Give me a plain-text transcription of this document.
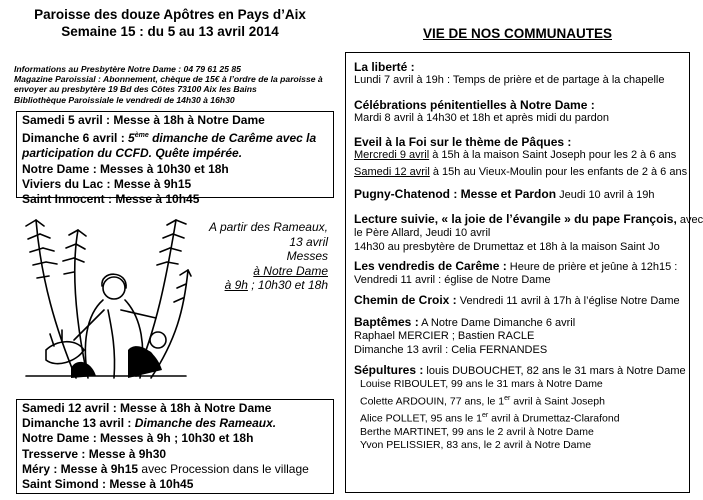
Paroisse des douze Apôtres en Pays d’Aix
Semaine 15 : du 5 au 13 avril 2014
Informations au Presbytère Notre Dame : 04 79 61 25 85
Magazine Paroissial : Abonnement, chèque de 15€ à l’ordre de la paroisse à
envoyer au presbytère 19 Bd des Côtes 73100 Aix les Bains
Bibliothèque Paroissiale le vendredi de 14h30 à 16h30
Samedi 5 avril : Messe à 18h à Notre Dame
Dimanche 6 avril : 5ème dimanche de Carême avec la
participation du CCFD. Quête impérée.
Notre Dame : Messes à 10h30 et 18h
Viviers du Lac : Messe à 9h15
Saint Innocent : Messe à 10h45
A partir des Rameaux,
13 avril
Messes
à Notre Dame
à 9h ; 10h30 et 18h
Samedi 12 avril : Messe à 18h à Notre Dame
Dimanche 13 avril : Dimanche des Rameaux.
Notre Dame : Messes à 9h ; 10h30 et 18h
Tresserve : Messe à 9h30
Méry : Messe à 9h15 avec Procession dans le village
Saint Simond : Messe à 10h45
VIE DE NOS COMMUNAUTES
La liberté :
Lundi 7 avril à 19h : Temps de prière et de partage à la chapelle
Célébrations pénitentielles à Notre Dame :
Mardi 8 avril à 14h30 et 18h et après midi du pardon
Eveil à la Foi sur le thème de Pâques :
Mercredi 9 avril à 15h à la maison Saint Joseph pour les 2 à 6 ans
Samedi 12 avril à 15h au Vieux-Moulin pour les enfants de 2 à 6 ans
Pugny-Chatenod : Messe et Pardon Jeudi 10 avril à 19h
Lecture suivie, « la joie de l’évangile » du pape François, avec
le Père Allard, Jeudi 10 avril
14h30 au presbytère de Drumettaz et 18h à la maison Saint Jo
Les vendredis de Carême : Heure de prière et jeûne à 12h15 :
Vendredi 11 avril : église de Notre Dame
Chemin de Croix : Vendredi 11 avril à 17h à l’église Notre Dame
Baptêmes : A Notre Dame Dimanche 6 avril
Raphael MERCIER ; Bastien RACLE
Dimanche 13 avril : Celia FERNANDES
Sépultures : louis DUBOUCHET, 82 ans le 31 mars à Notre Dame
Louise RIBOULET, 99 ans le 31 mars à Notre Dame
Colette ARDOUIN, 77 ans, le 1er avril à Saint Joseph
Alice POLLET, 95 ans le 1er avril à Drumettaz-Clarafond
Berthe MARTINET, 99 ans le 2 avril à Notre Dame
Yvon PELISSIER, 83 ans, le 2 avril à Notre Dame
